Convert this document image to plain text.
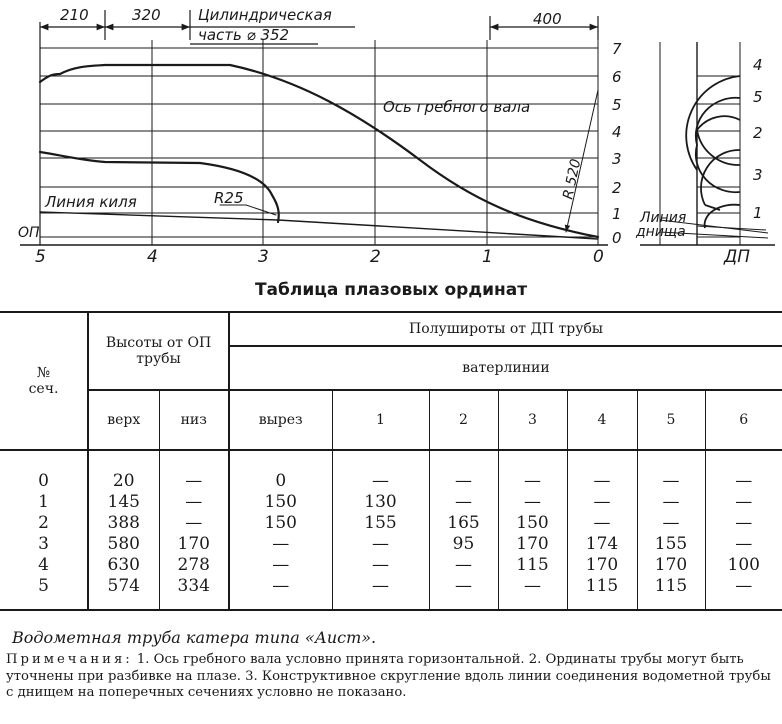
210	320	400
Цилиндрическая
часть ⌀ 352
Ось гребного вала
Линия киля	R25	R 520
ОП
5	4	3	2	1	0
7
6
5
4
3
2
1
0
4
5
2
3
1
Линия
днища
ДП
Таблица плазовых ординат
№ сеч.	Высоты от ОП трубы		Полушироты от ДП трубы						
			ватерлинии						
	верх	низ	вырез	1	2	3	4	5	6

0	20	—	0	—	—	—	—	—	—
1	145	—	150	130	—	—	—	—	—
2	388	—	150	155	165	150	—	—	—
3	580	170	—	—	95	170	174	155	—
4	630	278	—	—	—	115	170	170	100
5	574	334	—	—	—	—	115	115	—

Водометная труба катера типа «Аист».
Примечания: 1. Ось гребного вала условно принята горизонтальной. 2. Ординаты трубы могут быть уточнены при разбивке на плазе. 3. Конструктивное скругление вдоль линии соединения водометной трубы с днищем на поперечных сечениях условно не показано.
